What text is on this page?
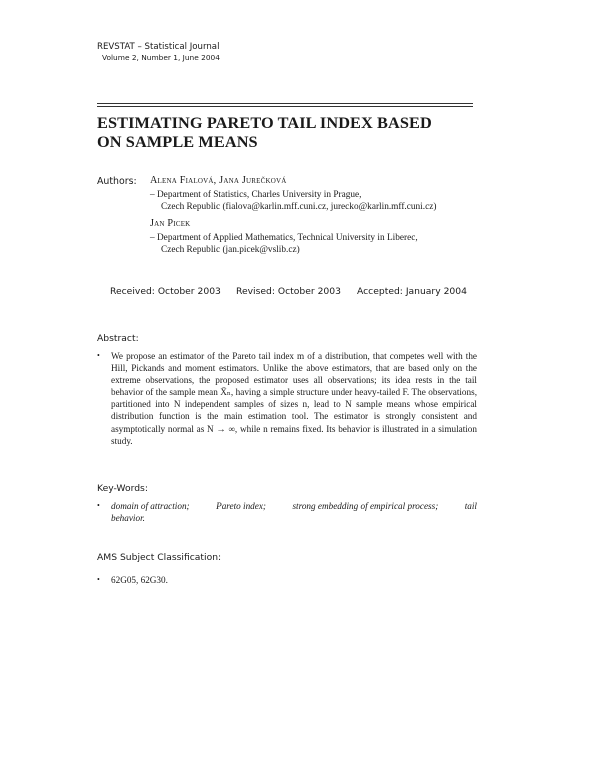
REVSTAT – Statistical Journal
Volume 2, Number 1, June 2004
ESTIMATING PARETO TAIL INDEX BASED
ON SAMPLE MEANS
Authors: Alena Fialová, Jana Jurečková
– Department of Statistics, Charles University in Prague,
Czech Republic (fialova@karlin.mff.cuni.cz, jurecko@karlin.mff.cuni.cz)
Jan Picek
– Department of Applied Mathematics, Technical University in Liberec,
Czech Republic (jan.picek@vslib.cz)
Received: October 2003 Revised: October 2003 Accepted: January 2004
Abstract:
• We propose an estimator of the Pareto tail index m of a distribution, that competes well with the Hill, Pickands and moment estimators. Unlike the above estimators, that are based only on the extreme observations, the proposed estimator uses all observations; its idea rests in the tail behavior of the sample mean X̄ₙ, having a simple structure under heavy-tailed F. The observations, partitioned into N independent samples of sizes n, lead to N sample means whose empirical distribution function is the main estimation tool. The estimator is strongly consistent and asymptotically normal as N → ∞, while n remains fixed. Its behavior is illustrated in a simulation study.
Key-Words:
• domain of attraction;	Pareto index;	strong embedding of empirical process;	tail
behavior.
AMS Subject Classification:
• 62G05, 62G30.
